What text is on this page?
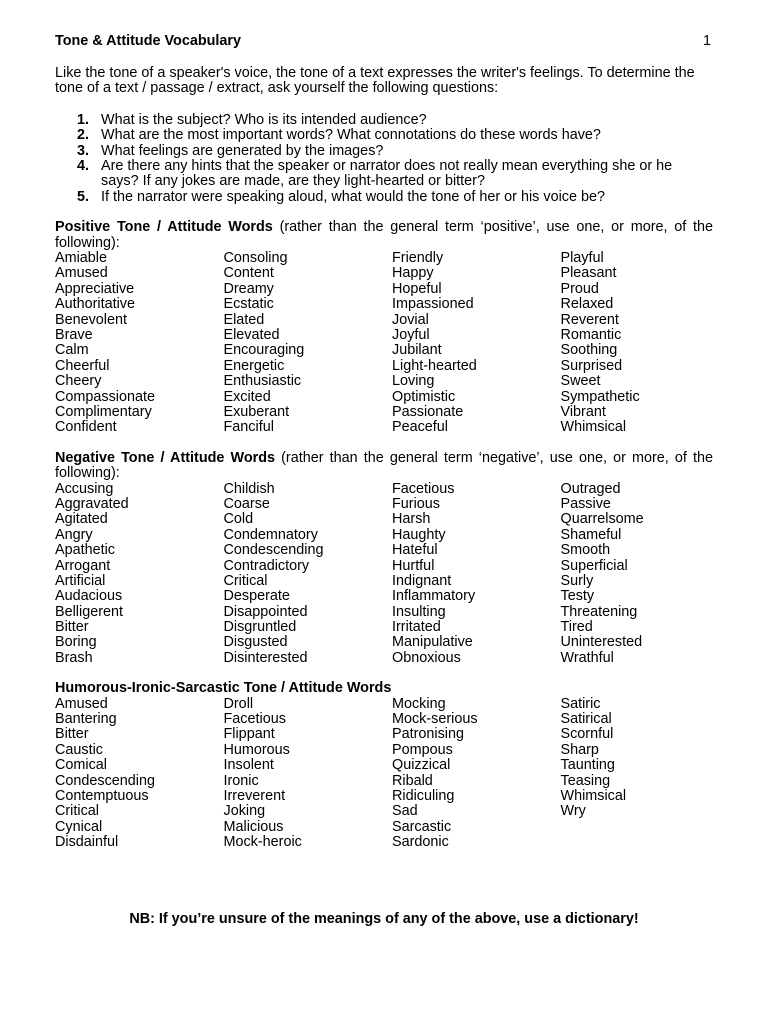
Tone & Attitude Vocabulary	1
Like the tone of a speaker's voice, the tone of a text expresses the writer's feelings. To determine the tone of a text / passage / extract, ask yourself the following questions:
1. What is the subject? Who is its intended audience?
2. What are the most important words? What connotations do these words have?
3. What feelings are generated by the images?
4. Are there any hints that the speaker or narrator does not really mean everything she or he says? If any jokes are made, are they light-hearted or bitter?
5. If the narrator were speaking aloud, what would the tone of her or his voice be?
Positive Tone / Attitude Words (rather than the general term ‘positive’, use one, or more, of the following):
Amiable	Consoling	Friendly	Playful
Amused	Content	Happy	Pleasant
Appreciative	Dreamy	Hopeful	Proud
Authoritative	Ecstatic	Impassioned	Relaxed
Benevolent	Elated	Jovial	Reverent
Brave	Elevated	Joyful	Romantic
Calm	Encouraging	Jubilant	Soothing
Cheerful	Energetic	Light-hearted	Surprised
Cheery	Enthusiastic	Loving	Sweet
Compassionate	Excited	Optimistic	Sympathetic
Complimentary	Exuberant	Passionate	Vibrant
Confident	Fanciful	Peaceful	Whimsical
Negative Tone / Attitude Words (rather than the general term ‘negative’, use one, or more, of the following):
Accusing	Childish	Facetious	Outraged
Aggravated	Coarse	Furious	Passive
Agitated	Cold	Harsh	Quarrelsome
Angry	Condemnatory	Haughty	Shameful
Apathetic	Condescending	Hateful	Smooth
Arrogant	Contradictory	Hurtful	Superficial
Artificial	Critical	Indignant	Surly
Audacious	Desperate	Inflammatory	Testy
Belligerent	Disappointed	Insulting	Threatening
Bitter	Disgruntled	Irritated	Tired
Boring	Disgusted	Manipulative	Uninterested
Brash	Disinterested	Obnoxious	Wrathful
Humorous-Ironic-Sarcastic Tone / Attitude Words
Amused	Droll	Mocking	Satiric
Bantering	Facetious	Mock-serious	Satirical
Bitter	Flippant	Patronising	Scornful
Caustic	Humorous	Pompous	Sharp
Comical	Insolent	Quizzical	Taunting
Condescending	Ironic	Ribald	Teasing
Contemptuous	Irreverent	Ridiculing	Whimsical
Critical	Joking	Sad	Wry
Cynical	Malicious	Sarcastic
Disdainful	Mock-heroic	Sardonic
NB: If you’re unsure of the meanings of any of the above, use a dictionary!
